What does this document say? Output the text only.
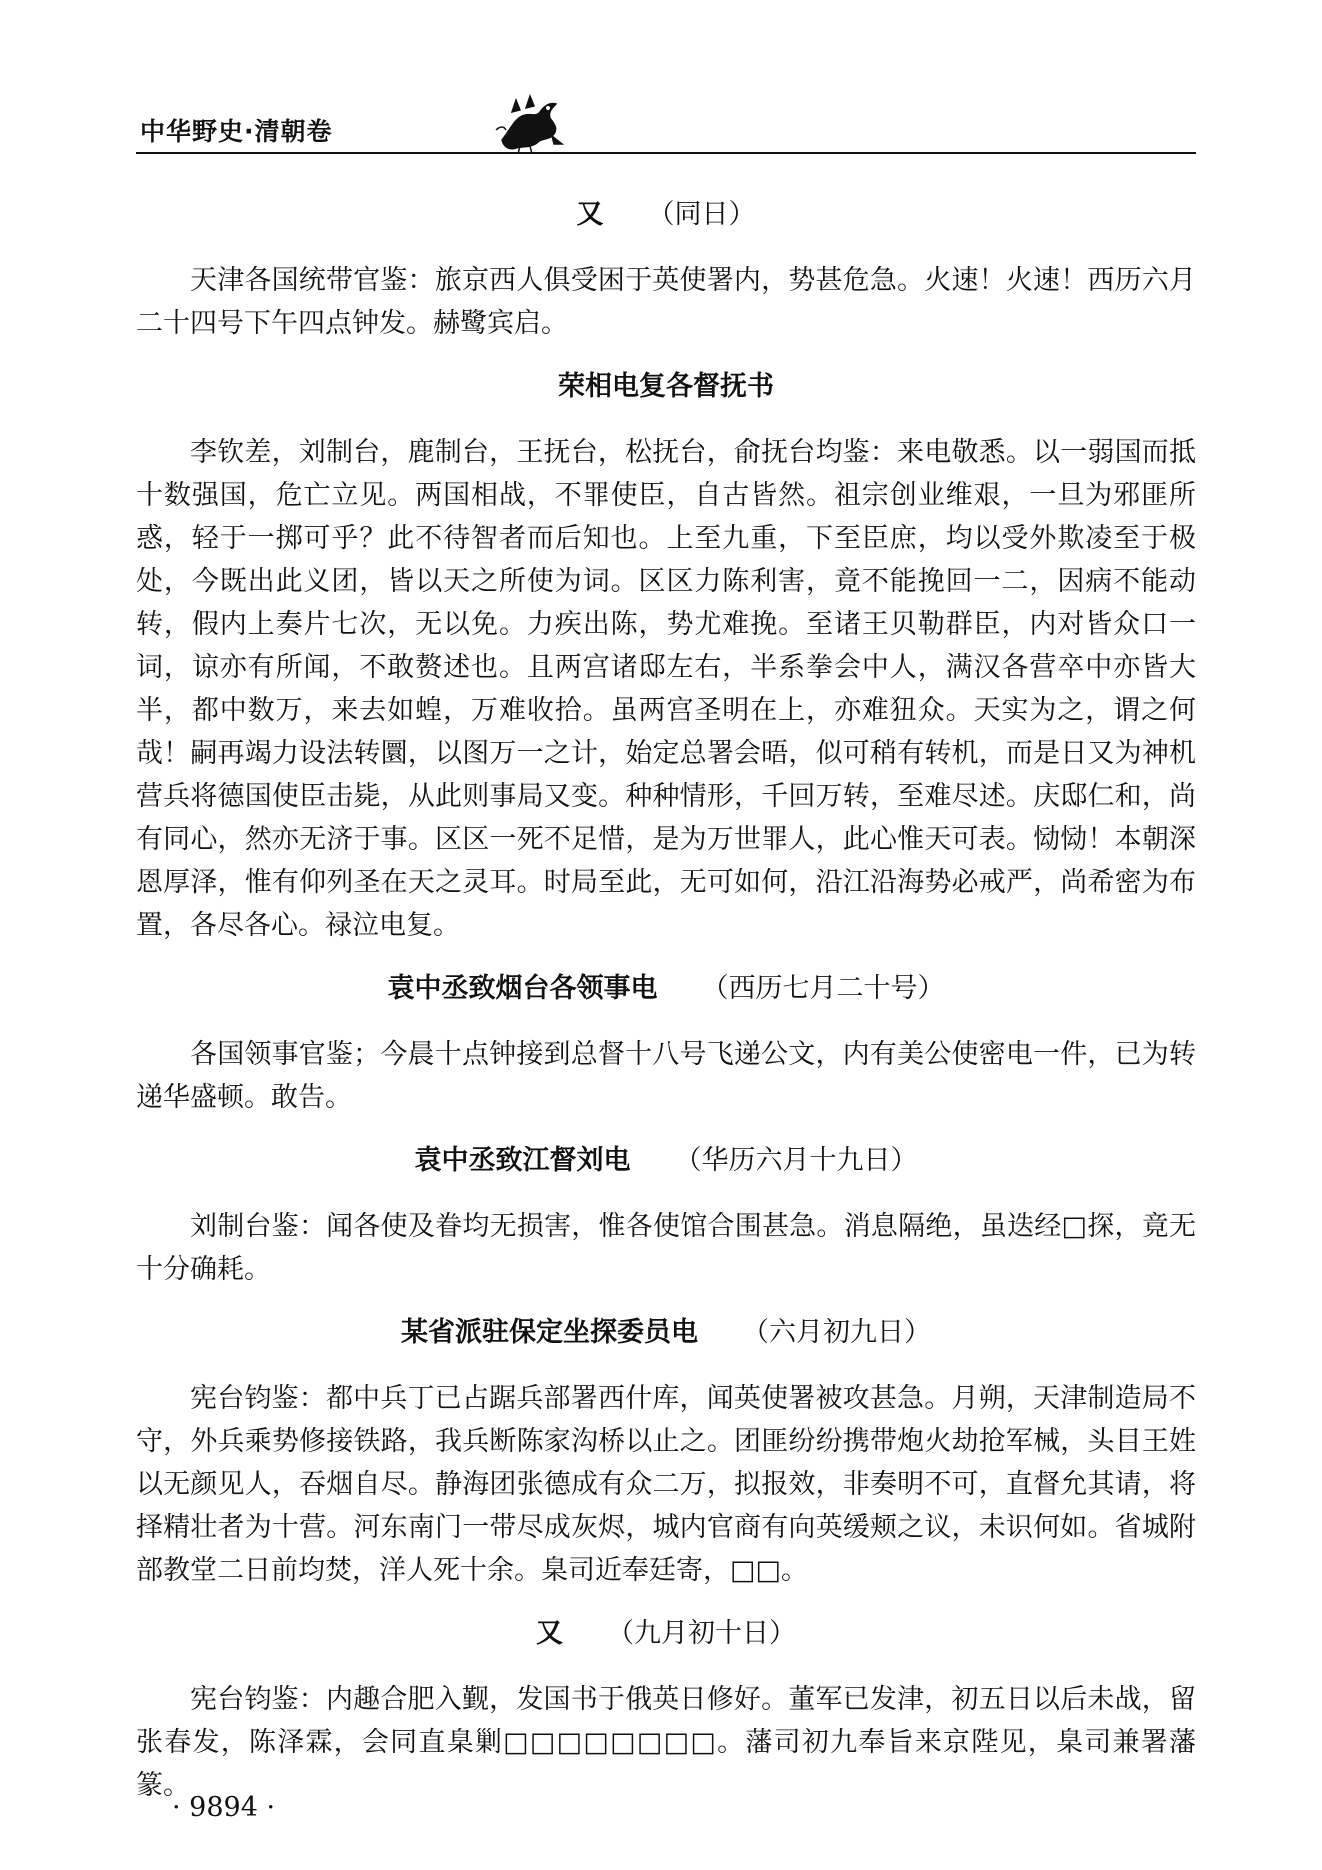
中华野史·清朝卷
又 （同日）

天津各国统带官鉴：旅京西人俱受困于英使署内，势甚危急。火速！火速！西历六月二十四号下午四点钟发。赫鹭宾启。

荣相电复各督抚书

李钦差，刘制台，鹿制台，王抚台，松抚台，俞抚台均鉴：来电敬悉。以一弱国而抵十数强国，危亡立见。两国相战，不罪使臣，自古皆然。祖宗创业维艰，一旦为邪匪所惑，轻于一掷可乎？此不待智者而后知也。上至九重，下至臣庶，均以受外欺凌至于极处，今既出此义团，皆以天之所使为词。区区力陈利害，竟不能挽回一二，因病不能动转，假内上奏片七次，无以免。力疾出陈，势尤难挽。至诸王贝勒群臣，内对皆众口一词，谅亦有所闻，不敢赘述也。且两宫诸邸左右，半系拳会中人，满汉各营卒中亦皆大半，都中数万，来去如蝗，万难收拾。虽两宫圣明在上，亦难狃众。天实为之，谓之何哉！嗣再竭力设法转圜，以图万一之计，始定总署会晤，似可稍有转机，而是日又为神机营兵将德国使臣击毙，从此则事局又变。种种情形，千回万转，至难尽述。庆邸仁和，尚有同心，然亦无济于事。区区一死不足惜，是为万世罪人，此心惟天可表。恸恸！本朝深恩厚泽，惟有仰列圣在天之灵耳。时局至此，无可如何，沿江沿海势必戒严，尚希密为布置，各尽各心。禄泣电复。

袁中丞致烟台各领事电 （西历七月二十号）

各国领事官鉴；今晨十点钟接到总督十八号飞递公文，内有美公使密电一件，已为转递华盛顿。敢告。

袁中丞致江督刘电 （华历六月十九日）

刘制台鉴：闻各使及眷均无损害，惟各使馆合围甚急。消息隔绝，虽迭经□探，竟无十分确耗。

某省派驻保定坐探委员电 （六月初九日）

宪台钧鉴：都中兵丁已占踞兵部署西什库，闻英使署被攻甚急。月朔，天津制造局不守，外兵乘势修接铁路，我兵断陈家沟桥以止之。团匪纷纷携带炮火劫抢军械，头目王姓以无颜见人，吞烟自尽。静海团张德成有众二万，拟报效，非奏明不可，直督允其请，将择精壮者为十营。河东南门一带尽成灰烬，城内官商有向英缓颊之议，未识何如。省城附部教堂二日前均焚，洋人死十余。臬司近奉廷寄，□□。

又 （九月初十日）

宪台钧鉴：内趣合肥入觐，发国书于俄英日修好。董军已发津，初五日以后未战，留张春发，陈泽霖，会同直臬剿□□□□□□□□。藩司初九奉旨来京陛见，臬司兼署藩篆。

· 9894 ·
